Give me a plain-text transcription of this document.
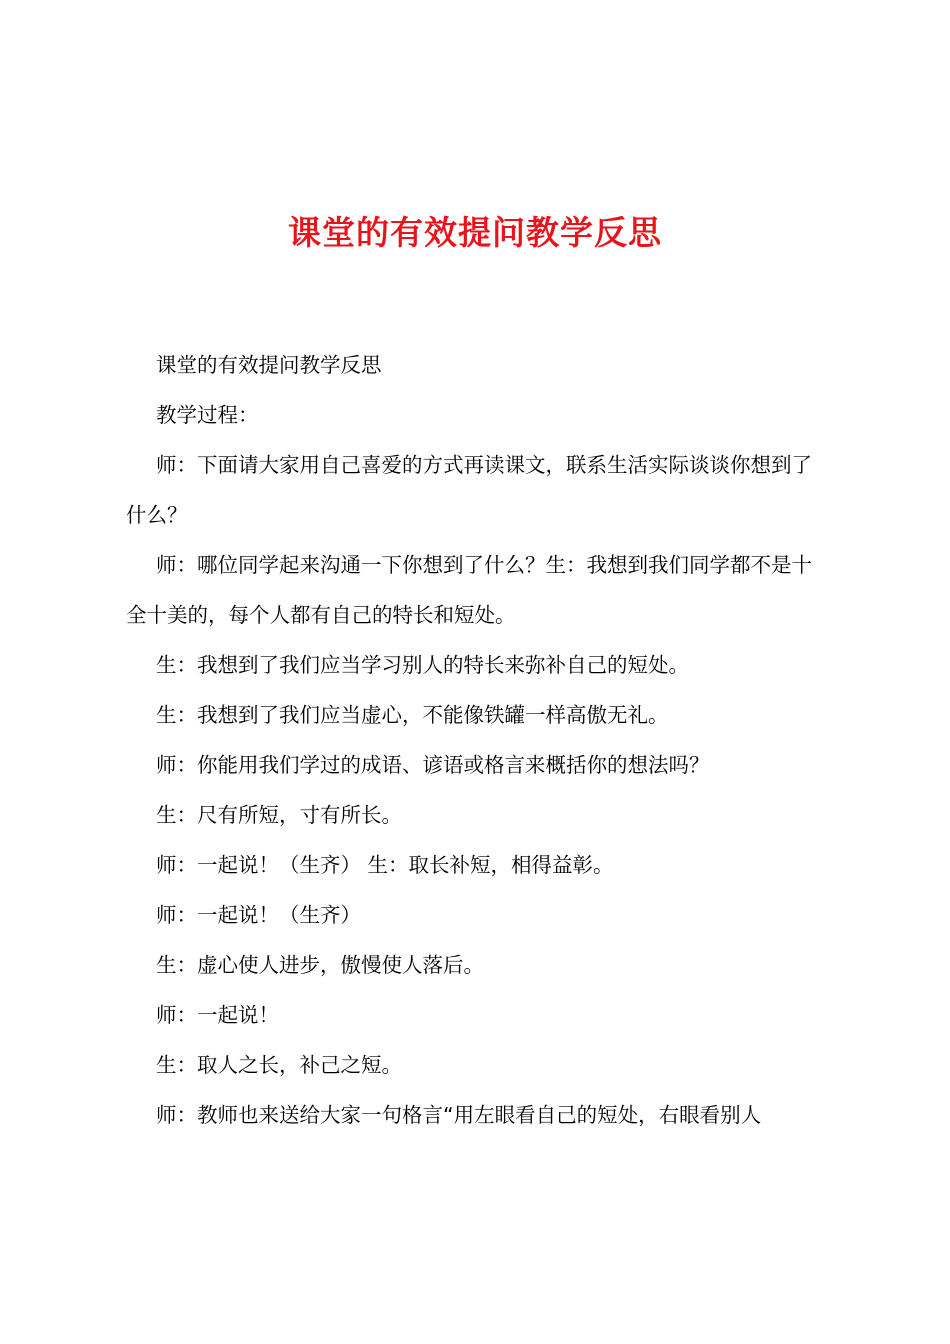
课堂的有效提问教学反思

课堂的有效提问教学反思

教学过程：

师：下面请大家用自己喜爱的方式再读课文，联系生活实际谈谈你想到了什么？

师：哪位同学起来沟通一下你想到了什么？生：我想到我们同学都不是十全十美的，每个人都有自己的特长和短处。

生：我想到了我们应当学习别人的特长来弥补自己的短处。

生：我想到了我们应当虚心，不能像铁罐一样高傲无礼。

师：你能用我们学过的成语、谚语或格言来概括你的想法吗？

生：尺有所短，寸有所长。

师：一起说！（生齐） 生：取长补短，相得益彰。

师：一起说！（生齐）

生：虚心使人进步，傲慢使人落后。

师：一起说！

生：取人之长，补己之短。

师：教师也来送给大家一句格言“用左眼看自己的短处，右眼看别人
